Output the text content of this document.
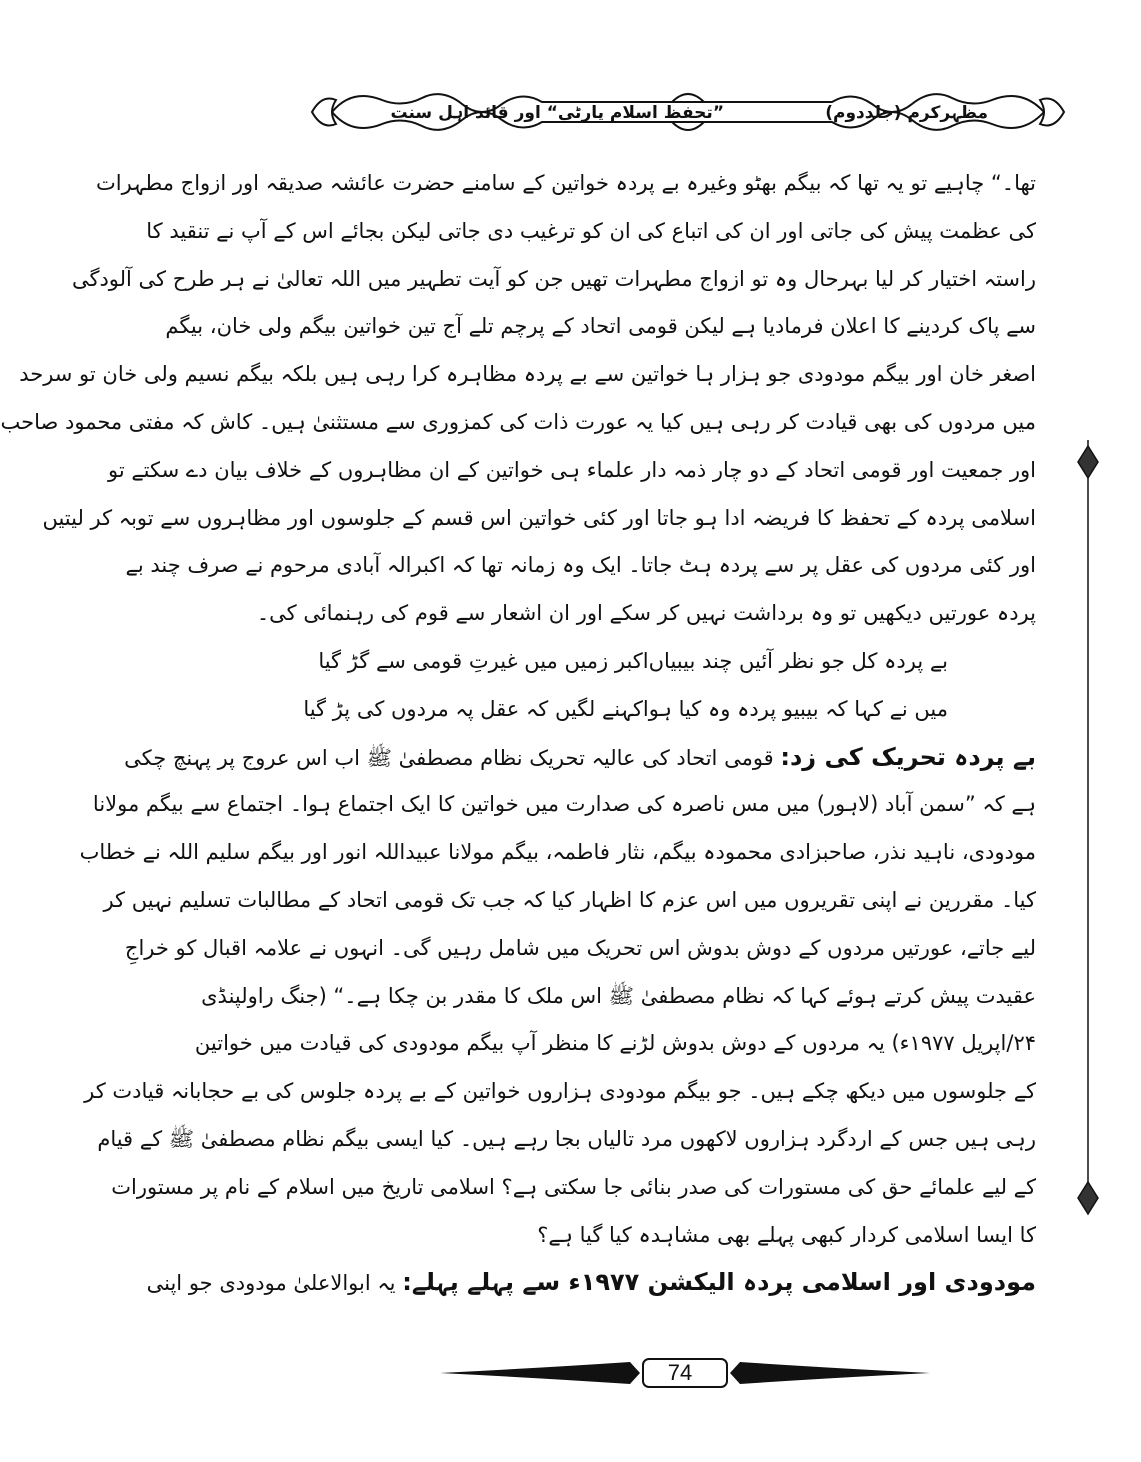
مظہرکرم (جلددوم)
”تحفظ اسلام پارٹی“ اور قائد اہل سنت
تھا۔“ چاہیے تو یہ تھا کہ بیگم بھٹو وغیرہ بے پردہ خواتین کے سامنے حضرت عائشہ صدیقہ اور ازواج مطہرات
کی عظمت پیش کی جاتی اور ان کی اتباع کی ان کو ترغیب دی جاتی لیکن بجائے اس کے آپ نے تنقید کا
راستہ اختیار کر لیا بہرحال وہ تو ازواج مطہرات تھیں جن کو آیت تطہیر میں اللہ تعالیٰ نے ہر طرح کی آلودگی
سے پاک کردینے کا اعلان فرمادیا ہے لیکن قومی اتحاد کے پرچم تلے آج تین خواتین بیگم ولی خان، بیگم
اصغر خان اور بیگم مودودی جو ہزار ہا خواتین سے بے پردہ مظاہرہ کرا رہی ہیں بلکہ بیگم نسیم ولی خان تو سرحد
میں مردوں کی بھی قیادت کر رہی ہیں کیا یہ عورت ذات کی کمزوری سے مستثنیٰ ہیں۔ کاش کہ مفتی محمود صاحب
اور جمعیت اور قومی اتحاد کے دو چار ذمہ دار علماء ہی خواتین کے ان مظاہروں کے خلاف بیان دے سکتے تو
اسلامی پردہ کے تحفظ کا فریضہ ادا ہو جاتا اور کئی خواتین اس قسم کے جلوسوں اور مظاہروں سے توبہ کر لیتیں
اور کئی مردوں کی عقل پر سے پردہ ہٹ جاتا۔ ایک وہ زمانہ تھا کہ اکبرالہ آبادی مرحوم نے صرف چند بے
پردہ عورتیں دیکھیں تو وہ برداشت نہیں کر سکے اور ان اشعار سے قوم کی رہنمائی کی۔
بے پردہ کل جو نظر آئیں چند بیبیاں
اکبر زمیں میں غیرتِ قومی سے گڑ گیا
میں نے کہا کہ بیبیو پردہ وہ کیا ہوا
کہنے لگیں کہ عقل پہ مردوں کی پڑ گیا
بے پردہ تحریک کی زد: قومی اتحاد کی عالیہ تحریک نظام مصطفیٰ ﷺ اب اس عروج پر پہنچ چکی
ہے کہ ”سمن آباد (لاہور) میں مس ناصرہ کی صدارت میں خواتین کا ایک اجتماع ہوا۔ اجتماع سے بیگم مولانا
مودودی، ناہید نذر، صاحبزادی محمودہ بیگم، نثار فاطمہ، بیگم مولانا عبیداللہ انور اور بیگم سلیم اللہ نے خطاب
کیا۔ مقررین نے اپنی تقریروں میں اس عزم کا اظہار کیا کہ جب تک قومی اتحاد کے مطالبات تسلیم نہیں کر
لیے جاتے، عورتیں مردوں کے دوش بدوش اس تحریک میں شامل رہیں گی۔ انہوں نے علامہ اقبال کو خراجِ
عقیدت پیش کرتے ہوئے کہا کہ نظام مصطفیٰ ﷺ اس ملک کا مقدر بن چکا ہے۔“ (جنگ راولپنڈی
۲۴/اپریل ۱۹۷۷ء) یہ مردوں کے دوش بدوش لڑنے کا منظر آپ بیگم مودودی کی قیادت میں خواتین
کے جلوسوں میں دیکھ چکے ہیں۔ جو بیگم مودودی ہزاروں خواتین کے بے پردہ جلوس کی بے حجابانہ قیادت کر
رہی ہیں جس کے اردگرد ہزاروں لاکھوں مرد تالیاں بجا رہے ہیں۔ کیا ایسی بیگم نظام مصطفیٰ ﷺ کے قیام
کے لیے علمائے حق کی مستورات کی صدر بنائی جا سکتی ہے؟ اسلامی تاریخ میں اسلام کے نام پر مستورات
کا ایسا اسلامی کردار کبھی پہلے بھی مشاہدہ کیا گیا ہے؟
مودودی اور اسلامی پردہ الیکشن ۱۹۷۷ء سے پہلے پہلے: یہ ابوالاعلیٰ مودودی جو اپنی
74
